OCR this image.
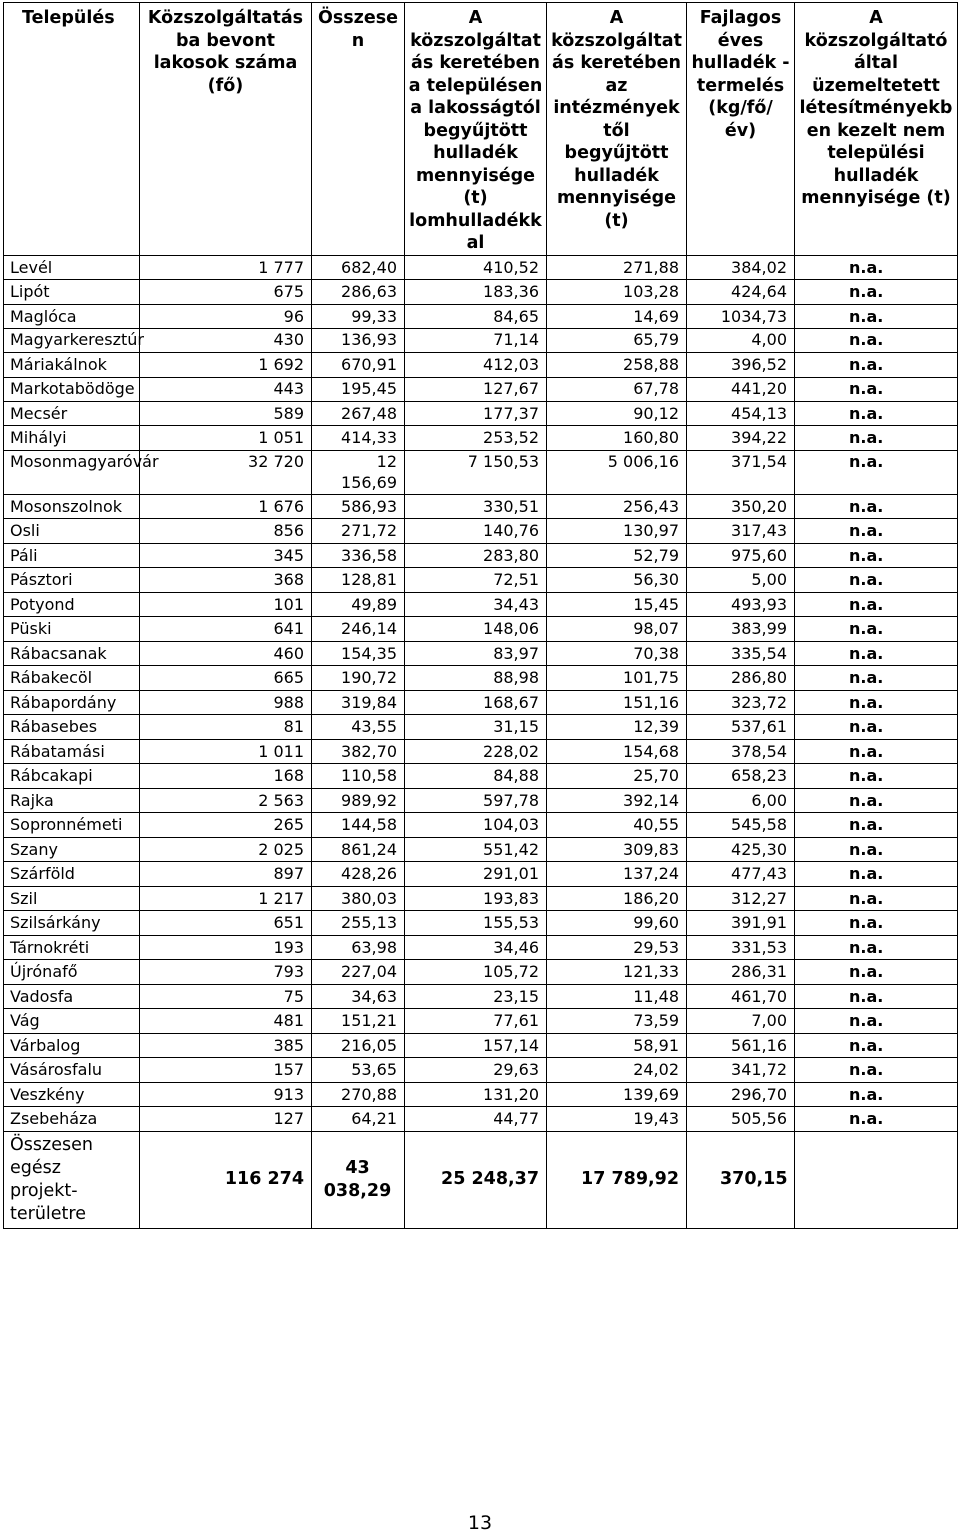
Település	Közszolgáltatásba bevont lakosok száma (fő)	Összesen	A közszolgáltatás keretében a településen a lakosságtól begyűjtött hulladék mennyisége (t) lomhulladékkal	A közszolgáltatás keretében az intézményektől begyűjtött hulladék mennyisége (t)	Fajlagos éves hulladék - termelés (kg/fő/ év)	A közszolgáltató által üzemeltetett létesítményekben kezelt nem települési hulladék mennyisége (t)
Levél	1 777	682,40	410,52	271,88	384,02	n.a.
Lipót	675	286,63	183,36	103,28	424,64	n.a.
Maglóca	96	99,33	84,65	14,69	1034,73	n.a.
Magyarkeresztúr	430	136,93	71,14	65,79	4,00	n.a.
Máriakálnok	1 692	670,91	412,03	258,88	396,52	n.a.
Markotabödöge	443	195,45	127,67	67,78	441,20	n.a.
Mecsér	589	267,48	177,37	90,12	454,13	n.a.
Mihályi	1 051	414,33	253,52	160,80	394,22	n.a.
Mosonmagyaróvár	32 720	12 156,69	7 150,53	5 006,16	371,54	n.a.
Mosonszolnok	1 676	586,93	330,51	256,43	350,20	n.a.
Osli	856	271,72	140,76	130,97	317,43	n.a.
Páli	345	336,58	283,80	52,79	975,60	n.a.
Pásztori	368	128,81	72,51	56,30	5,00	n.a.
Potyond	101	49,89	34,43	15,45	493,93	n.a.
Püski	641	246,14	148,06	98,07	383,99	n.a.
Rábacsanak	460	154,35	83,97	70,38	335,54	n.a.
Rábakecöl	665	190,72	88,98	101,75	286,80	n.a.
Rábapordány	988	319,84	168,67	151,16	323,72	n.a.
Rábasebes	81	43,55	31,15	12,39	537,61	n.a.
Rábatamási	1 011	382,70	228,02	154,68	378,54	n.a.
Rábcakapi	168	110,58	84,88	25,70	658,23	n.a.
Rajka	2 563	989,92	597,78	392,14	6,00	n.a.
Sopronnémeti	265	144,58	104,03	40,55	545,58	n.a.
Szany	2 025	861,24	551,42	309,83	425,30	n.a.
Szárföld	897	428,26	291,01	137,24	477,43	n.a.
Szil	1 217	380,03	193,83	186,20	312,27	n.a.
Szilsárkány	651	255,13	155,53	99,60	391,91	n.a.
Tárnokréti	193	63,98	34,46	29,53	331,53	n.a.
Újrónafő	793	227,04	105,72	121,33	286,31	n.a.
Vadosfa	75	34,63	23,15	11,48	461,70	n.a.
Vág	481	151,21	77,61	73,59	7,00	n.a.
Várbalog	385	216,05	157,14	58,91	561,16	n.a.
Vásárosfalu	157	53,65	29,63	24,02	341,72	n.a.
Veszkény	913	270,88	131,20	139,69	296,70	n.a.
Zsebeháza	127	64,21	44,77	19,43	505,56	n.a.
Összesen egész projekt-területre	116 274	43 038,29	25 248,37	17 789,92	370,15	
13
